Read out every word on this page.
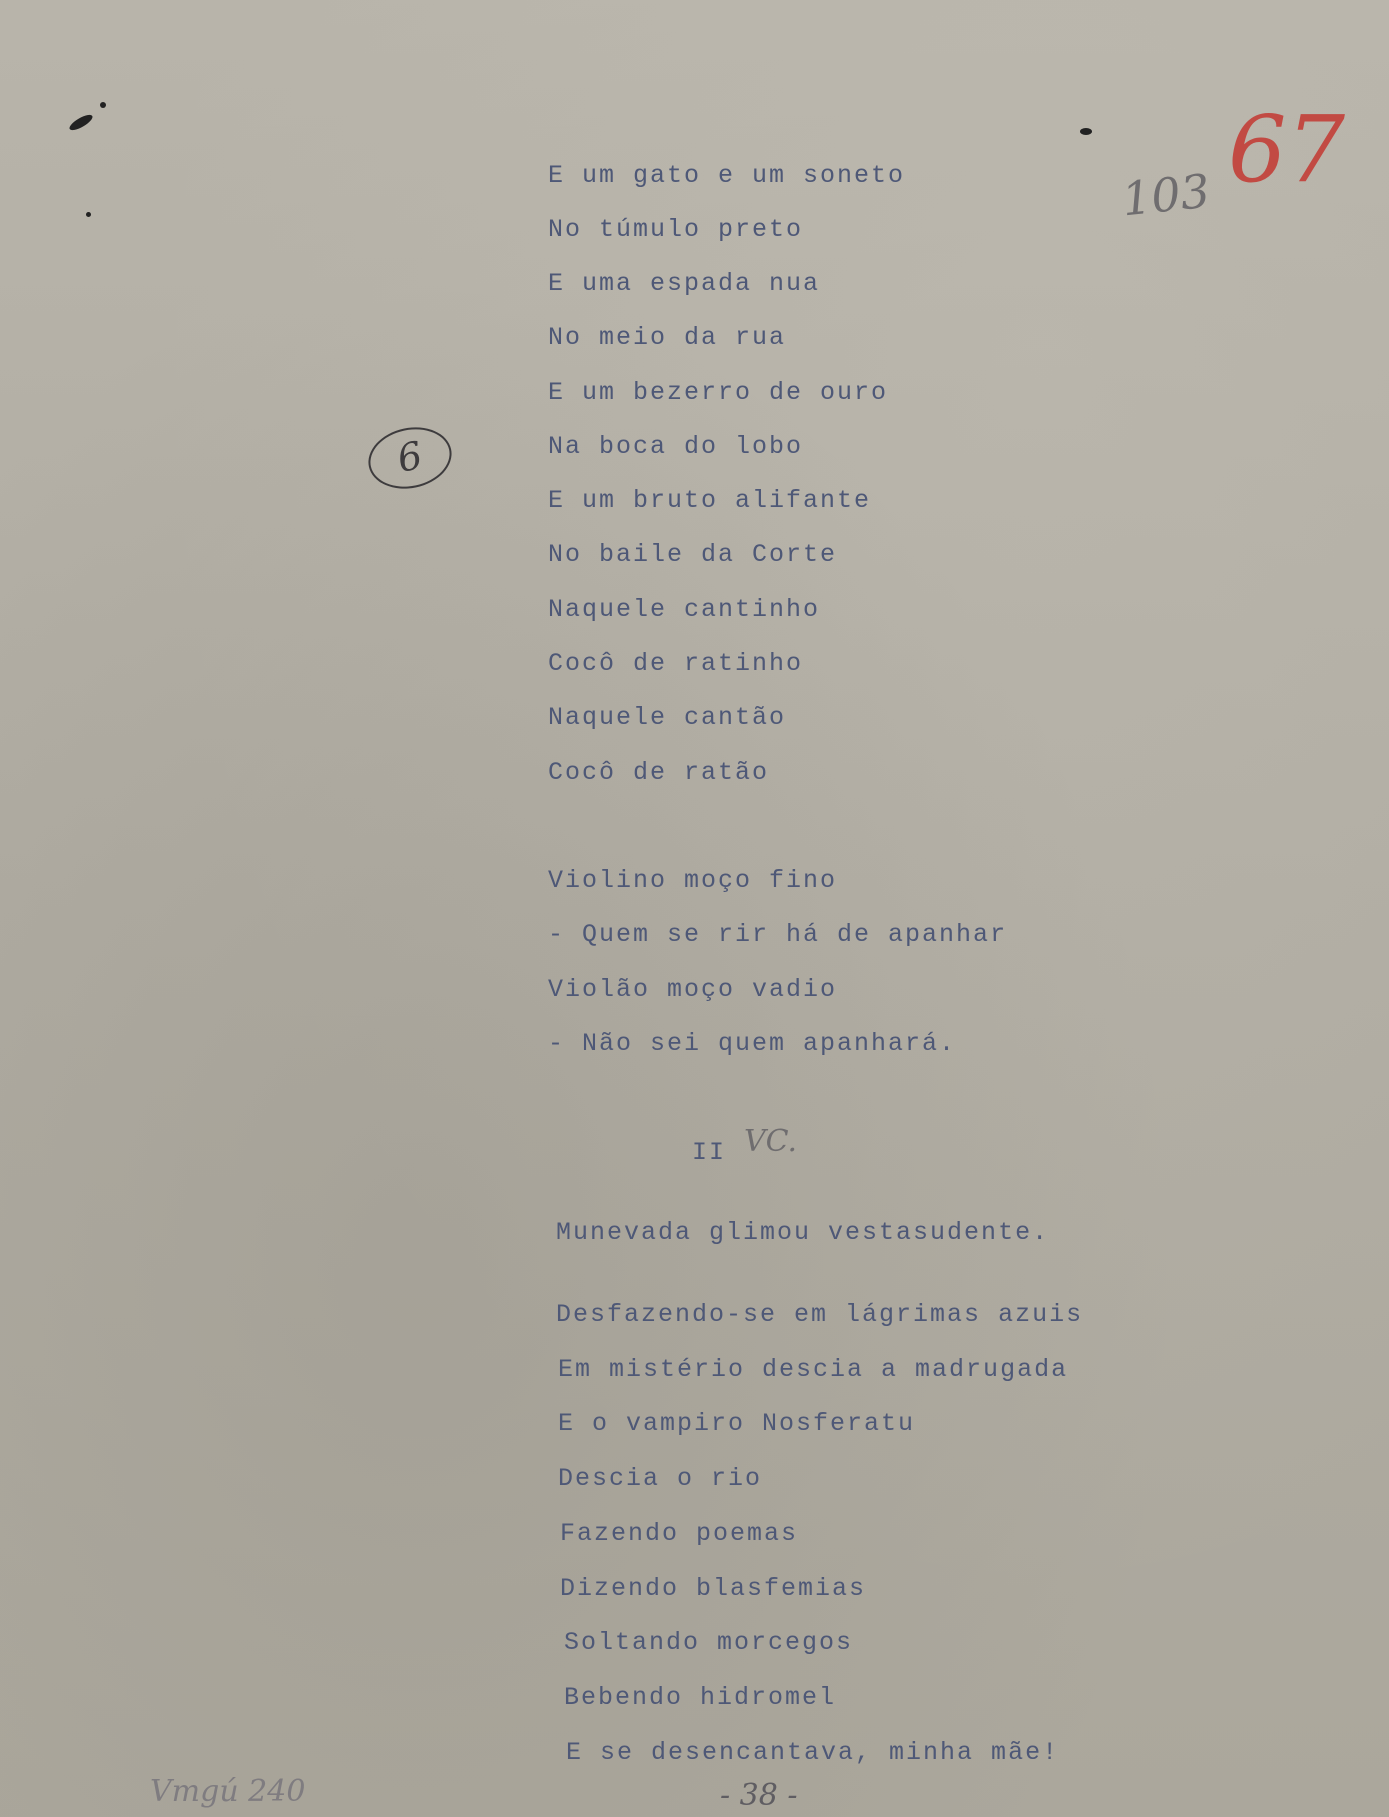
6
103 67

E um gato e um soneto

No túmulo preto

E uma espada nua

No meio da rua

E um bezerro de ouro

Na boca do lobo

E um bruto alifante

No baile da Corte

Naquele cantinho

Cocô de ratinho

Naquele cantão

Cocô de ratão

Violino moço fino

- Quem se rir há de apanhar

Violão moço vadio

- Não sei quem apanhará.

II VC.

Munevada glimou vestasudente.

Desfazendo-se em lágrimas azuis

Em mistério descia a madrugada

E o vampiro Nosferatu

Descia o rio

Fazendo poemas

Dizendo blasfemias

Soltando morcegos

Bebendo hidromel

E se desencantava, minha mãe!

Vmgú 240	- 38 -
